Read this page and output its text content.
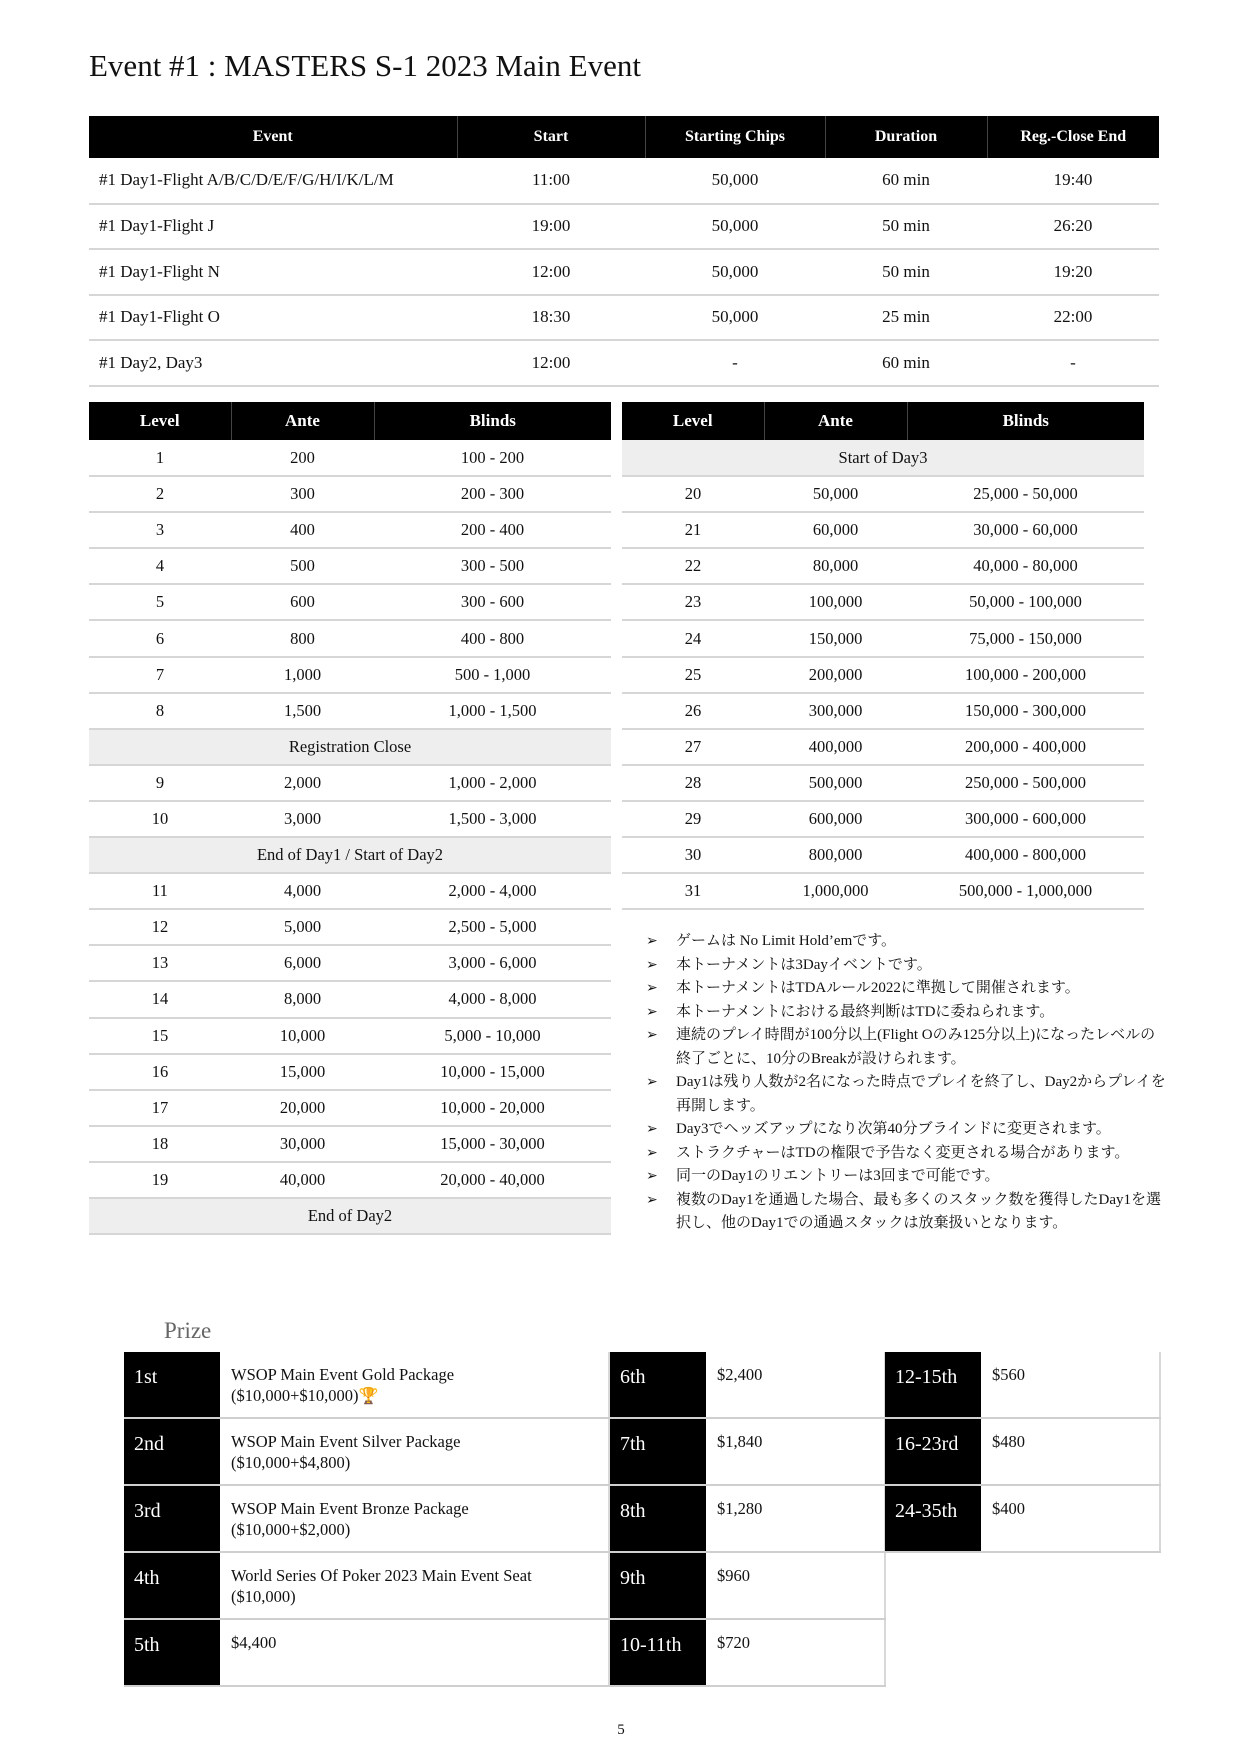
Event #1 : MASTERS S-1 2023 Main Event
Event	Start	Starting Chips	Duration	Reg.-Close End
#1 Day1-Flight A/B/C/D/E/F/G/H/I/K/L/M	11:00	50,000	60 min	19:40
#1 Day1-Flight J	19:00	50,000	50 min	26:20
#1 Day1-Flight N	12:00	50,000	50 min	19:20
#1 Day1-Flight O	18:30	50,000	25 min	22:00
#1 Day2, Day3	12:00	-	60 min	-
Level	Ante	Blinds
1	200	100 - 200
2	300	200 - 300
3	400	200 - 400
4	500	300 - 500
5	600	300 - 600
6	800	400 - 800
7	1,000	500 - 1,000
8	1,500	1,000 - 1,500
Registration Close		
9	2,000	1,000 - 2,000
10	3,000	1,500 - 3,000
End of Day1 / Start of Day2		
11	4,000	2,000 - 4,000
12	5,000	2,500 - 5,000
13	6,000	3,000 - 6,000
14	8,000	4,000 - 8,000
15	10,000	5,000 - 10,000
16	15,000	10,000 - 15,000
17	20,000	10,000 - 20,000
18	30,000	15,000 - 30,000
19	40,000	20,000 - 40,000
End of Day2		
Level	Ante	Blinds
Start of Day3		
20	50,000	25,000 - 50,000
21	60,000	30,000 - 60,000
22	80,000	40,000 - 80,000
23	100,000	50,000 - 100,000
24	150,000	75,000 - 150,000
25	200,000	100,000 - 200,000
26	300,000	150,000 - 300,000
27	400,000	200,000 - 400,000
28	500,000	250,000 - 500,000
29	600,000	300,000 - 600,000
30	800,000	400,000 - 800,000
31	1,000,000	500,000 - 1,000,000
➢ ゲームは No Limit Hold’emです。
➢ 本トーナメントは3Dayイベントです。
➢ 本トーナメントはTDAルール2022に準拠して開催されます。
➢ 本トーナメントにおける最終判断はTDに委ねられます。
➢ 連続のプレイ時間が100分以上(Flight Oのみ125分以上)になったレベルの終了ごとに、10分のBreakが設けられます。
➢ Day1は残り人数が2名になった時点でプレイを終了し、Day2からプレイを再開します。
➢ Day3でヘッズアップになり次第40分ブラインドに変更されます。
➢ ストラクチャーはTDの権限で予告なく変更される場合があります。
➢ 同一のDay1のリエントリーは3回まで可能です。
➢ 複数のDay1を通過した場合、最も多くのスタック数を獲得したDay1を選択し、他のDay1での通過スタックは放棄扱いとなります。
Prize
1st	WSOP Main Event Gold Package
($10,000+$10,000)🏆
2nd	WSOP Main Event Silver Package
($10,000+$4,800)
3rd	WSOP Main Event Bronze Package
($10,000+$2,000)
4th	World Series Of Poker 2023 Main Event Seat
($10,000)
5th	$4,400
6th	$2,400
7th	$1,840
8th	$1,280
9th	$960
10-11th	$720
12-15th	$560
16-23rd	$480
24-35th	$400
5
